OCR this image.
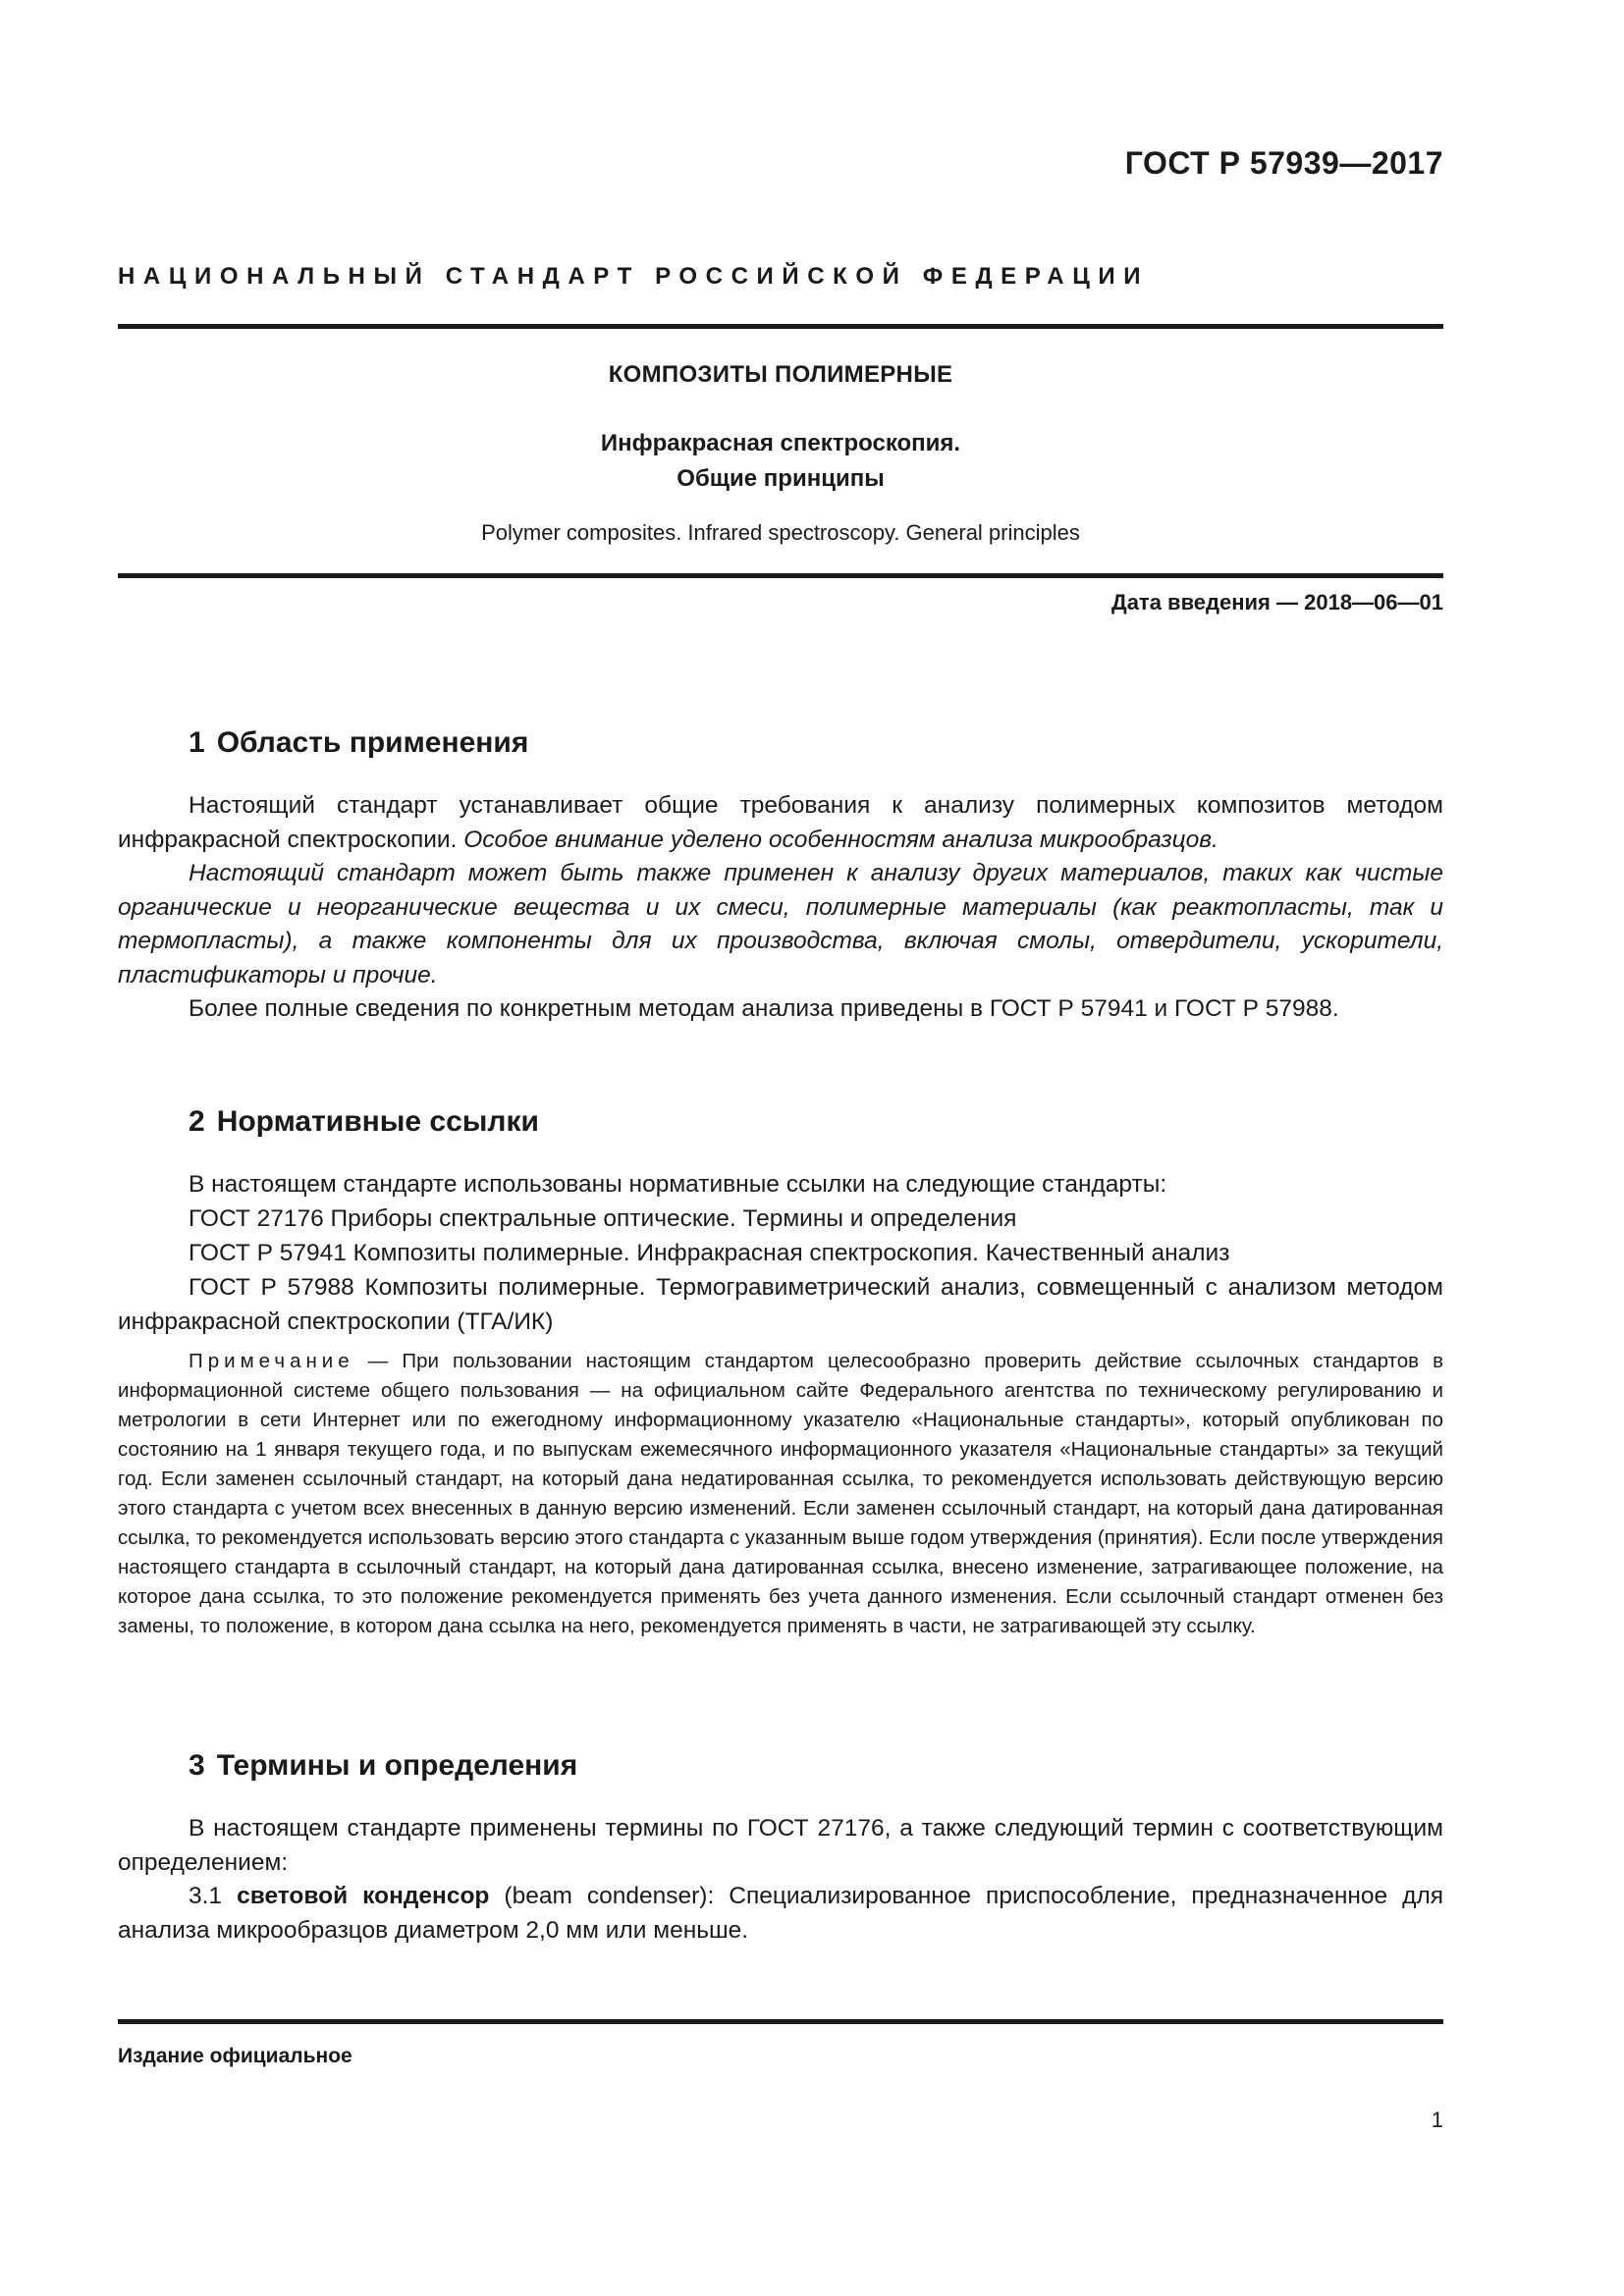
ГОСТ Р 57939—2017
НАЦИОНАЛЬНЫЙ СТАНДАРТ РОССИЙСКОЙ ФЕДЕРАЦИИ
КОМПОЗИТЫ ПОЛИМЕРНЫЕ
Инфракрасная спектроскопия.
Общие принципы
Polymer composites. Infrared spectroscopy. General principles
Дата введения — 2018—06—01
1 Область применения
Настоящий стандарт устанавливает общие требования к анализу полимерных композитов методом инфракрасной спектроскопии. Особое внимание уделено особенностям анализа микрообразцов.
Настоящий стандарт может быть также применен к анализу других материалов, таких как чистые органические и неорганические вещества и их смеси, полимерные материалы (как реактопласты, так и термопласты), а также компоненты для их производства, включая смолы, отвердители, ускорители, пластификаторы и прочие.
Более полные сведения по конкретным методам анализа приведены в ГОСТ Р 57941 и ГОСТ Р 57988.
2 Нормативные ссылки
В настоящем стандарте использованы нормативные ссылки на следующие стандарты:
ГОСТ 27176 Приборы спектральные оптические. Термины и определения
ГОСТ Р 57941 Композиты полимерные. Инфракрасная спектроскопия. Качественный анализ
ГОСТ Р 57988 Композиты полимерные. Термогравиметрический анализ, совмещенный с анализом методом инфракрасной спектроскопии (ТГА/ИК)
Примечание — При пользовании настоящим стандартом целесообразно проверить действие ссылочных стандартов в информационной системе общего пользования — на официальном сайте Федерального агентства по техническому регулированию и метрологии в сети Интернет или по ежегодному информационному указателю «Национальные стандарты», который опубликован по состоянию на 1 января текущего года, и по выпускам ежемесячного информационного указателя «Национальные стандарты» за текущий год. Если заменен ссылочный стандарт, на который дана недатированная ссылка, то рекомендуется использовать действующую версию этого стандарта с учетом всех внесенных в данную версию изменений. Если заменен ссылочный стандарт, на который дана датированная ссылка, то рекомендуется использовать версию этого стандарта с указанным выше годом утверждения (принятия). Если после утверждения настоящего стандарта в ссылочный стандарт, на который дана датированная ссылка, внесено изменение, затрагивающее положение, на которое дана ссылка, то это положение рекомендуется применять без учета данного изменения. Если ссылочный стандарт отменен без замены, то положение, в котором дана ссылка на него, рекомендуется применять в части, не затрагивающей эту ссылку.
3 Термины и определения
В настоящем стандарте применены термины по ГОСТ 27176, а также следующий термин с соответствующим определением:
3.1 световой конденсор (beam condenser): Специализированное приспособление, предназначенное для анализа микрообразцов диаметром 2,0 мм или меньше.
Издание официальное
1
